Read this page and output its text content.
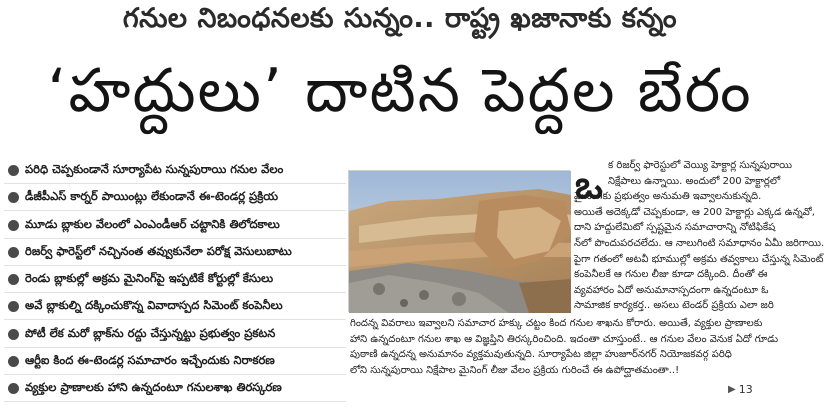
గనుల నిబంధనలకు సున్నం.. రాష్ట్ర ఖజానాకు కన్నం
‘హద్దులు’ దాటిన పెద్దల బేరం
పరిధి చెప్పకుండానే సూర్యాపేట సున్నపురాయి గనుల వేలం
డీజీపీఎస్ కార్నర్ పాయింట్లు లేకుండానే ఈ-టెండర్ల ప్రక్రియ
మూడు బ్లాకుల వేలంలో ఎంఎండీఆర్ చట్టానికి తిలోదకాలు
రిజర్వ్ ఫారెస్ట్‌లో నచ్చినంత తవ్వుకునేలా పరోక్ష వెసులుబాటు
రెండు బ్లాకుల్లో అక్రమ మైనింగ్‌పై ఇప్పటికే కోర్టుల్లో కేసులు
అవే బ్లాకుల్ని దక్కించుకొన్న వివాదాస్పద సిమెంట్ కంపెనీలు
పోటీ లేక మరో బ్లాక్‌ను రద్దు చేస్తున్నట్టు ప్రభుత్వం ప్రకటన
ఆర్టీఐ కింద ఈ-టెండర్ల సమాచారం ఇచ్చేందుకు నిరాకరణ
వ్యక్తుల ప్రాణాలకు హాని ఉన్నదంటూ గనులశాఖ తిరస్కరణ
ఒ క రిజర్వ్ ఫారెస్టులో వెయ్యి హెక్టార్ల సున్నపురాయి
నిక్షేపాలు ఉన్నాయి. అందులో 200 హెక్టార్లలో
మైనింగ్‌కు ప్రభుత్వం అనుమతి ఇవ్వాలనుకున్నది.
అయితే అదెక్కడో చెప్పకుండా, ఆ 200 హెక్టార్లు ఎక్కడ ఉన్నవో,
దాని హద్దులేమిటో స్పష్టమైన సమాచారాన్ని నోటిఫికేష
న్‌లో పొందుపరచలేదు. ఆ నాలుగింటి సమాధానం ఏమీ జరిగాయి.
పైగా గతంలో అటవీ భూముల్లో అక్రమ తవ్వకాలు చేస్తున్న సిమెంట్
కంపెనీలకే ఆ గనుల లీజు కూడా దక్కింది. దీంతో ఈ
వ్యవహారం ఏదో అనుమానాస్పదంగా ఉన్నదంటూ ఓ
సామాజిక కార్యకర్త.. అసలు టెండర్ ప్రక్రియ ఎలా జరి
గిందన్న వివరాలు ఇవ్వాలని సమాచార హక్కు చట్టం కింద గనుల శాఖను కోరారు. అయితే, వ్యక్తుల ప్రాణాలకు
హాని ఉన్నదంటూ గనుల శాఖ ఆ విజ్ఞప్తిని తిరస్కరించింది. ఇదంతా చూస్తుంటే.. ఆ గనుల వేలం వెనుక ఏదో గూడు
పుఠాణి ఉన్నదన్న అనుమానం వ్యక్తమవుతున్నది. సూర్యాపేట జిల్లా హుజూర్‌నగర్ నియోజకవర్గ పరిధి
లోని సున్నపురాయి నిక్షేపాల మైనింగ్ లీజు వేలం ప్రక్రియ గురించే ఈ ఉపోద్ఘాతమంతా..!
▶ 13
